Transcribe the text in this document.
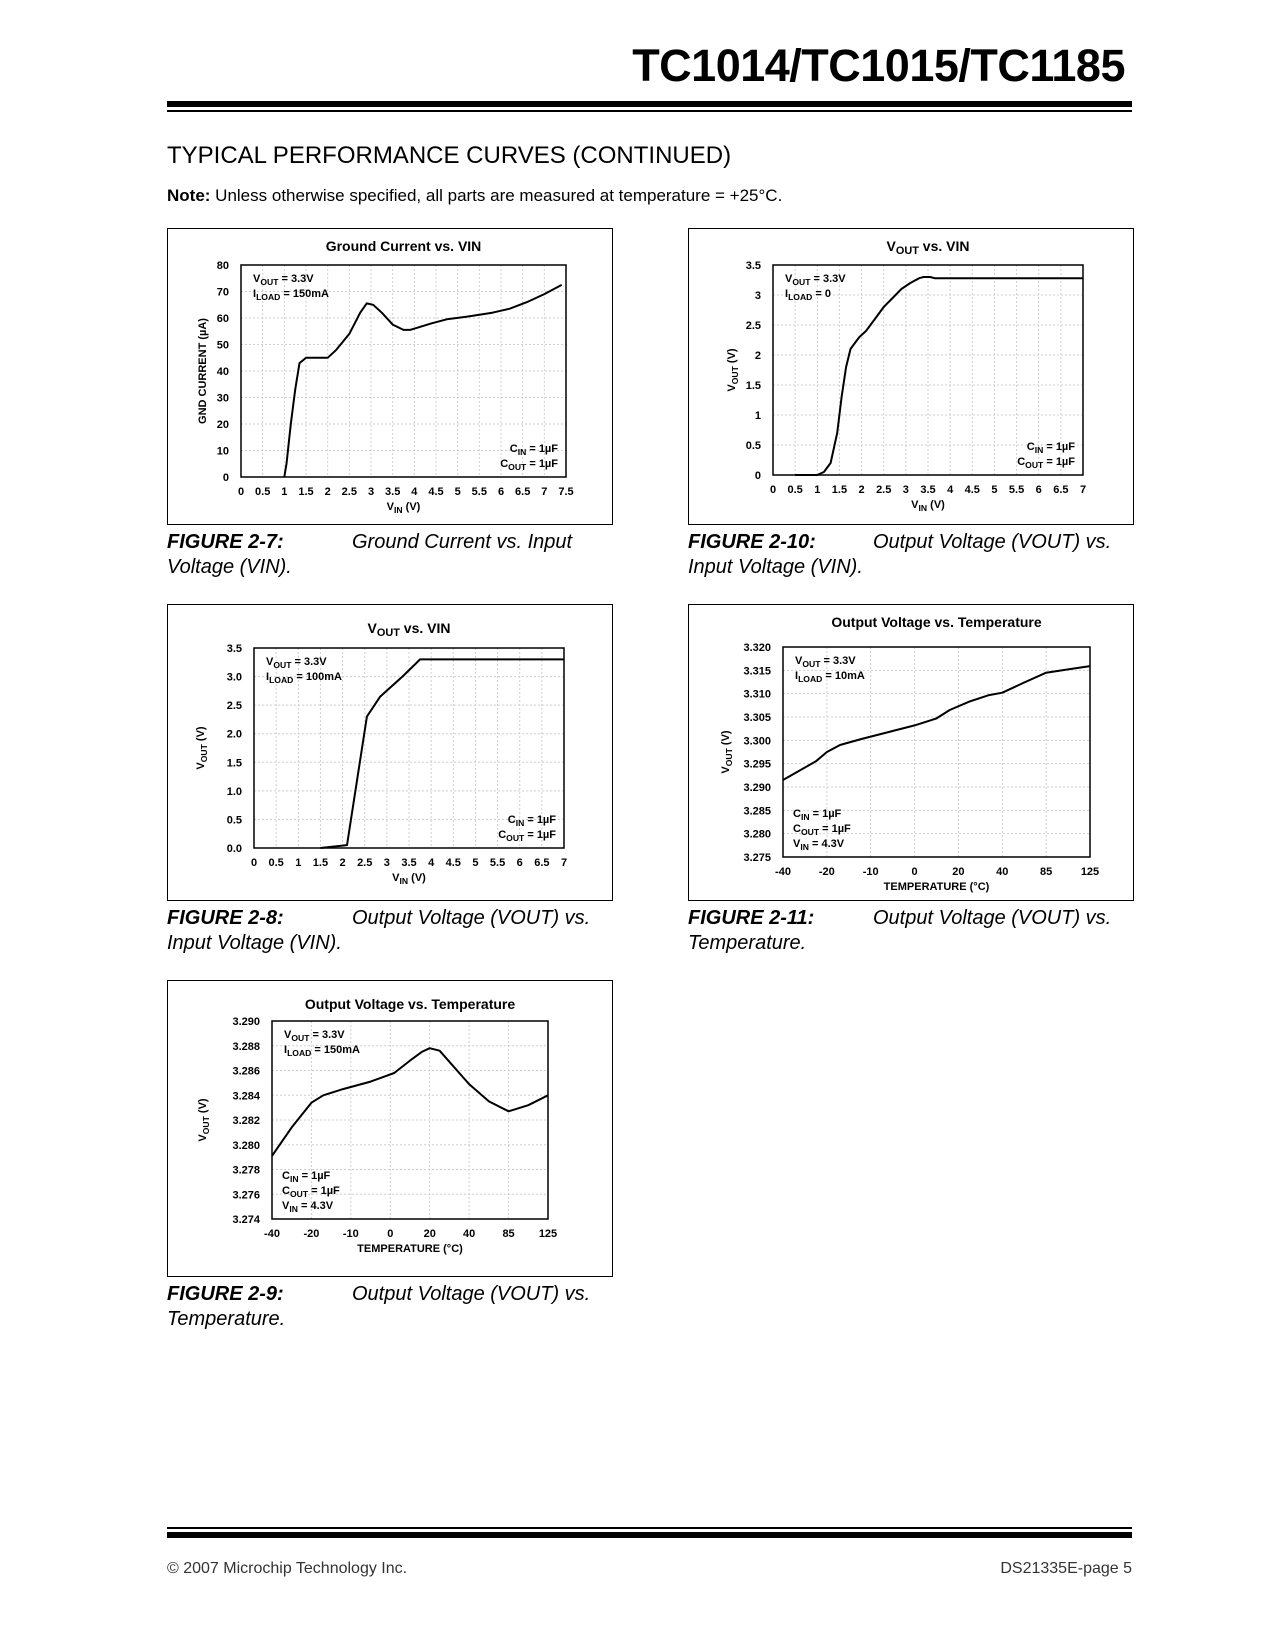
TC1014/TC1015/TC1185
TYPICAL PERFORMANCE CURVES (CONTINUED)
Note: Unless otherwise specified, all parts are measured at temperature = +25°C.
Ground Current vs. VIN
0
10
20
30
40
50
60
70
80
0 0.5 1 1.5 2 2.5 3 3.5 4 4.5 5 5.5 6 6.5 7 7.5
$V_{IN}$ (V)
GND CURRENT (µA)
$V_{OUT} = 3.3V$
$I_{LOAD} = 150mA$
$C_{IN} = 1\mu F$
$C_{OUT} = 1\mu F$
$V_{OUT}$ vs. VIN
0
0.5
1
1.5
2
2.5
3
3.5
0 0.5 1 1.5 2 2.5 3 3.5 4 4.5 5 5.5 6 6.5 7
$V_{IN}$ (V)
$V_{OUT}$ (V)
$V_{OUT} = 3.3V$
$I_{LOAD} = 0$
$C_{IN} = 1\mu F$
$C_{OUT} = 1\mu F$
$V_{OUT}$ vs. VIN
0.0
0.5
1.0
1.5
2.0
2.5
3.0
3.5
0 0.5 1 1.5 2 2.5 3 3.5 4 4.5 5 5.5 6 6.5 7
$V_{IN}$ (V)
$V_{OUT}$ (V)
$V_{OUT} = 3.3V$
$I_{LOAD} = 100mA$
$C_{IN} = 1\mu F$
$C_{OUT} = 1\mu F$
Output Voltage vs. Temperature
3.275
3.280
3.285
3.290
3.295
3.300
3.305
3.310
3.315
3.320
-40	-20	-10	0	20	40	85	125
TEMPERATURE (°C)
$V_{OUT}$ (V)
$V_{OUT} = 3.3V$
$I_{LOAD} = 10mA$
$C_{IN} = 1\mu F$
$C_{OUT} = 1\mu F$
$V_{IN} = 4.3V$
Output Voltage vs. Temperature
3.274
3.276
3.278
3.280
3.282
3.284
3.286
3.288
3.290
-40 -20 -10	0	20 40 85 125
TEMPERATURE (°C)
$V_{OUT}$ (V)
$V_{OUT} = 3.3V$
$I_{LOAD} = 150mA$
$C_{IN} = 1\mu F$
$C_{OUT} = 1\mu F$
$V_{IN} = 4.3V$
FIGURE 2-7:	Ground Current vs. Input
Voltage (VIN).
FIGURE 2-10:	Output Voltage (VOUT) vs.
Input Voltage (VIN).
FIGURE 2-8:	Output Voltage (VOUT) vs.
Input Voltage (VIN).
FIGURE 2-11:	Output Voltage (VOUT) vs.
Temperature.
FIGURE 2-9:	Output Voltage (VOUT) vs.
Temperature.
© 2007 Microchip Technology Inc.	DS21335E-page 5
